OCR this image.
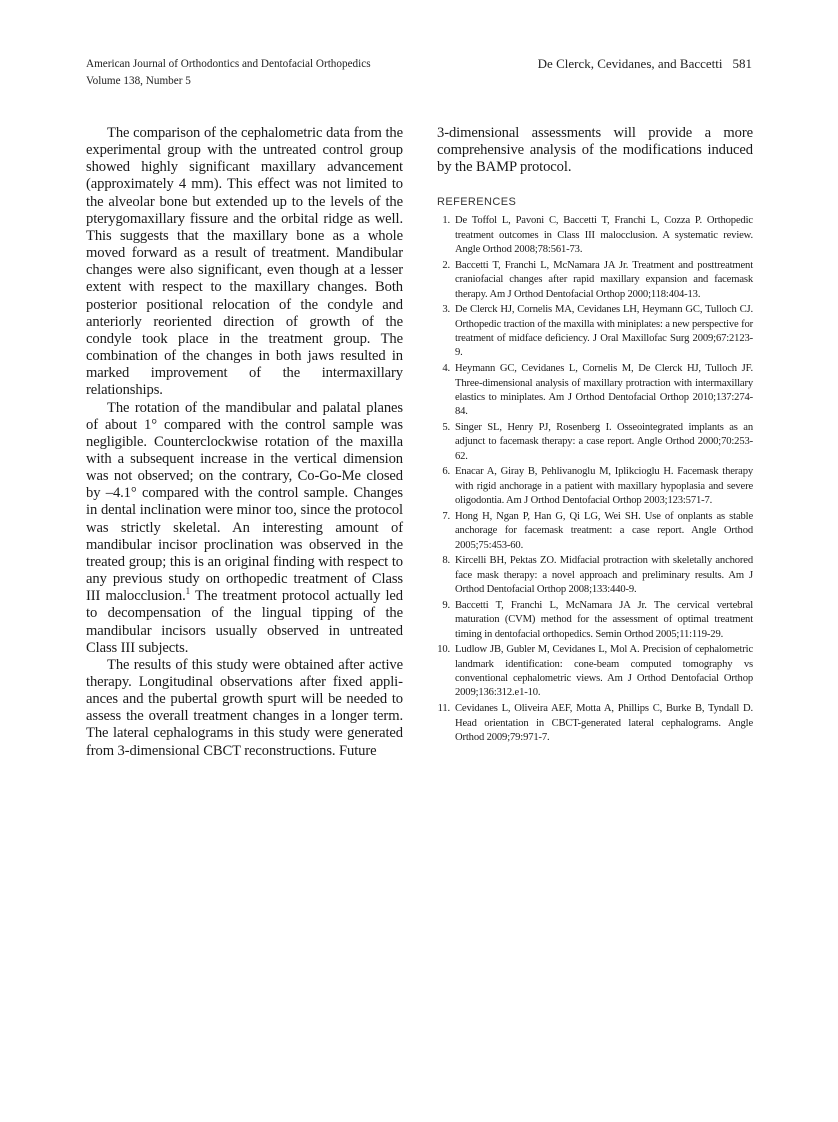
American Journal of Orthodontics and Dentofacial Orthopedics
Volume 138, Number 5
De Clerck, Cevidanes, and Baccetti 581

The comparison of the cephalometric data from the experimental group with the untreated control group showed highly significant maxillary advancement (approximately 4 mm). This effect was not limited to the alveolar bone but extended up to the levels of the pterygomaxillary fissure and the orbital ridge as well. This suggests that the maxillary bone as a whole moved forward as a result of treatment. Mandibular changes were also significant, even though at a lesser extent with respect to the maxillary changes. Both posterior positional relocation of the condyle and anteriorly reoriented direction of growth of the condyle took place in the treatment group. The combination of the changes in both jaws resulted in marked improvement of the intermaxillary relationships.

The rotation of the mandibular and palatal planes of about 1° compared with the control sample was negligible. Counterclockwise rotation of the maxilla with a subsequent increase in the vertical dimension was not observed; on the contrary, Co-Go-Me closed by –4.1° compared with the control sample. Changes in dental inclination were minor too, since the protocol was strictly skeletal. An interesting amount of mandibular incisor proclination was observed in the treated group; this is an original finding with respect to any previous study on orthopedic treatment of Class III malocclusion.$^1$ The treatment protocol actually led to decompensation of the lingual tipping of the mandibular incisors usually observed in untreated Class III subjects.

The results of this study were obtained after active therapy. Longitudinal observations after fixed appliances and the pubertal growth spurt will be needed to assess the overall treatment changes in a longer term. The lateral cephalograms in this study were generated from 3-dimensional CBCT reconstructions. Future

3-dimensional assessments will provide a more comprehensive analysis of the modifications induced by the BAMP protocol.

REFERENCES
1. De Toffol L, Pavoni C, Baccetti T, Franchi L, Cozza P. Orthopedic treatment outcomes in Class III malocclusion. A systematic review. Angle Orthod 2008;78:561-73.
2. Baccetti T, Franchi L, McNamara JA Jr. Treatment and posttreatment craniofacial changes after rapid maxillary expansion and facemask therapy. Am J Orthod Dentofacial Orthop 2000;118:404-13.
3. De Clerck HJ, Cornelis MA, Cevidanes LH, Heymann GC, Tulloch CJ. Orthopedic traction of the maxilla with miniplates: a new perspective for treatment of midface deficiency. J Oral Maxillofac Surg 2009;67:2123-9.
4. Heymann GC, Cevidanes L, Cornelis M, De Clerck HJ, Tulloch JF. Three-dimensional analysis of maxillary protraction with intermaxillary elastics to miniplates. Am J Orthod Dentofacial Orthop 2010;137:274-84.
5. Singer SL, Henry PJ, Rosenberg I. Osseointegrated implants as an adjunct to facemask therapy: a case report. Angle Orthod 2000;70:253-62.
6. Enacar A, Giray B, Pehlivanoglu M, Iplikcioglu H. Facemask therapy with rigid anchorage in a patient with maxillary hypoplasia and severe oligodontia. Am J Orthod Dentofacial Orthop 2003;123:571-7.
7. Hong H, Ngan P, Han G, Qi LG, Wei SH. Use of onplants as stable anchorage for facemask treatment: a case report. Angle Orthod 2005;75:453-60.
8. Kircelli BH, Pektas ZO. Midfacial protraction with skeletally anchored face mask therapy: a novel approach and preliminary results. Am J Orthod Dentofacial Orthop 2008;133:440-9.
9. Baccetti T, Franchi L, McNamara JA Jr. The cervical vertebral maturation (CVM) method for the assessment of optimal treatment timing in dentofacial orthopedics. Semin Orthod 2005;11:119-29.
10. Ludlow JB, Gubler M, Cevidanes L, Mol A. Precision of cephalometric landmark identification: cone-beam computed tomography vs conventional cephalometric views. Am J Orthod Dentofacial Orthop 2009;136:312.e1-10.
11. Cevidanes L, Oliveira AEF, Motta A, Phillips C, Burke B, Tyndall D. Head orientation in CBCT-generated lateral cephalograms. Angle Orthod 2009;79:971-7.
